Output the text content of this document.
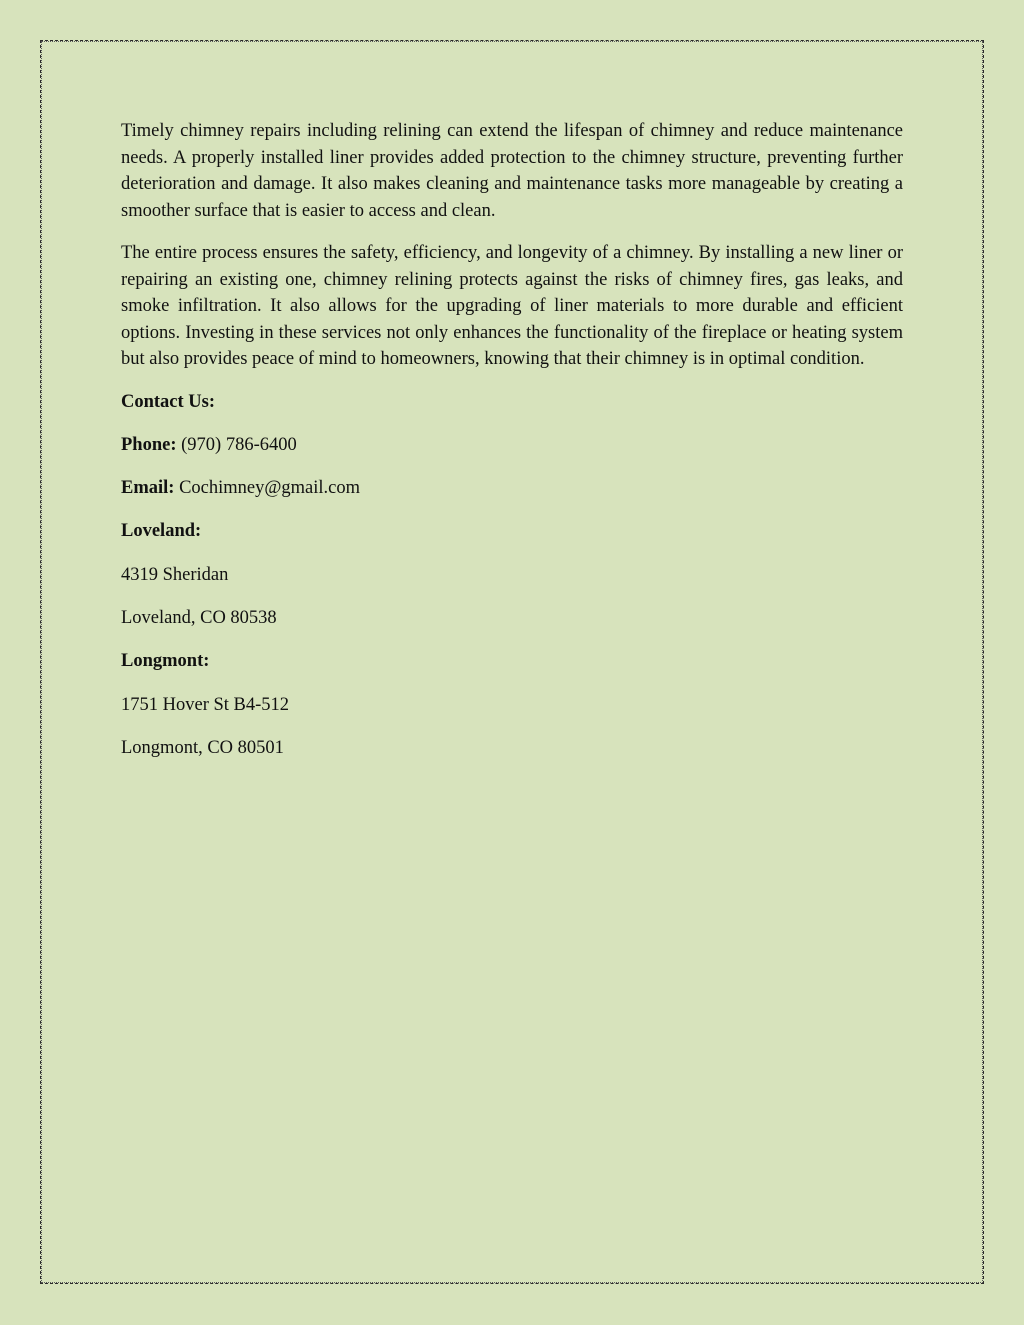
Timely chimney repairs including relining can extend the lifespan of chimney and reduce maintenance needs. A properly installed liner provides added protection to the chimney structure, preventing further deterioration and damage. It also makes cleaning and maintenance tasks more manageable by creating a smoother surface that is easier to access and clean.

The entire process ensures the safety, efficiency, and longevity of a chimney. By installing a new liner or repairing an existing one, chimney relining protects against the risks of chimney fires, gas leaks, and smoke infiltration. It also allows for the upgrading of liner materials to more durable and efficient options. Investing in these services not only enhances the functionality of the fireplace or heating system but also provides peace of mind to homeowners, knowing that their chimney is in optimal condition.

Contact Us:

Phone: (970) 786-6400

Email: Cochimney@gmail.com

Loveland:

4319 Sheridan

Loveland, CO 80538

Longmont:

1751 Hover St B4-512

Longmont, CO 80501
